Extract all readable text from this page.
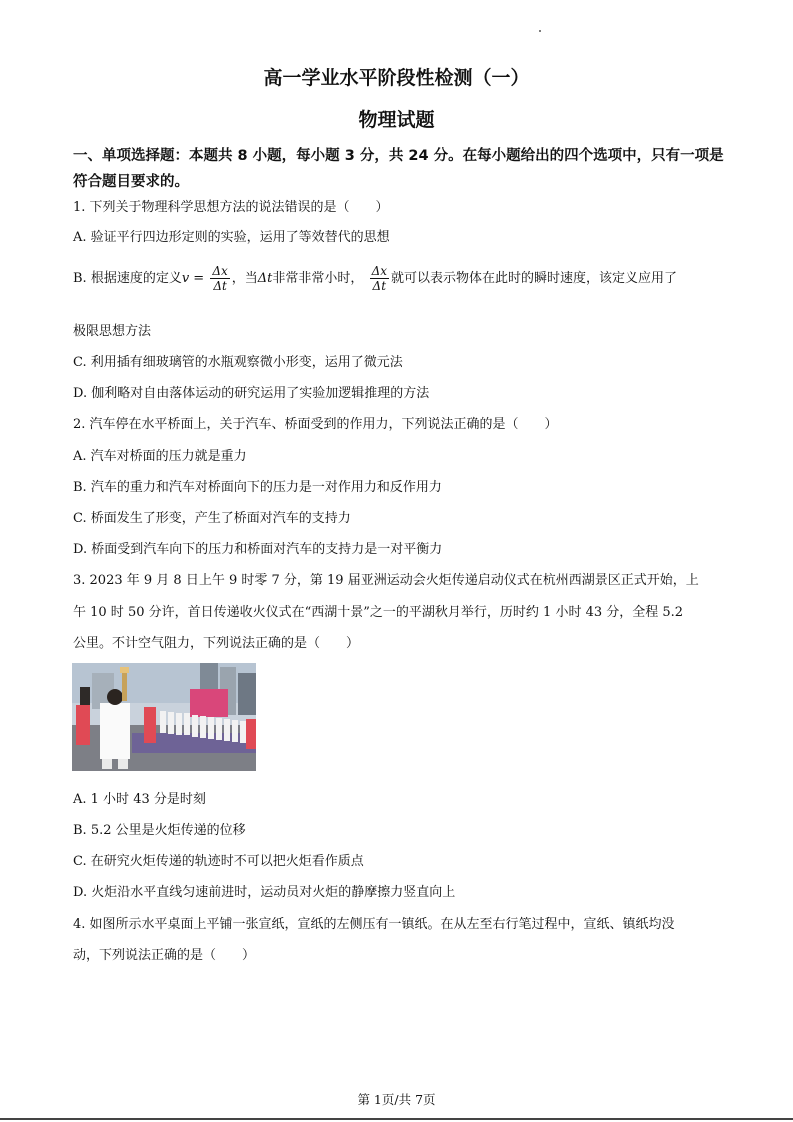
高一学业水平阶段性检测（一）
物理试题
一、单项选择题：本题共 8 小题，每小题 3 分，共 24 分。在每小题给出的四个选项中，只有一项是符合题目要求的。
1. 下列关于物理科学思想方法的说法错误的是（　　）
A. 验证平行四边形定则的实验，运用了等效替代的思想
B. 根据速度的定义$v = \frac{\Delta x}{\Delta t}$ ，当Δt非常非常小时， $\frac{\Delta x}{\Delta t}$ 就可以表示物体在此时的瞬时速度，该定义应用了
极限思想方法
C. 利用插有细玻璃管的水瓶观察微小形变，运用了微元法
D. 伽利略对自由落体运动的研究运用了实验加逻辑推理的方法
2. 汽车停在水平桥面上，关于汽车、桥面受到的作用力，下列说法正确的是（　　）
A. 汽车对桥面的压力就是重力
B. 汽车的重力和汽车对桥面向下的压力是一对作用力和反作用力
C. 桥面发生了形变，产生了桥面对汽车的支持力
D. 桥面受到汽车向下的压力和桥面对汽车的支持力是一对平衡力
3. 2023 年 9 月 8 日上午 9 时零 7 分，第 19 届亚洲运动会火炬传递启动仪式在杭州西湖景区正式开始，上
午 10 时 50 分许，首日传递收火仪式在“西湖十景”之一的平湖秋月举行，历时约 1 小时 43 分，全程 5.2
公里。不计空气阻力，下列说法正确的是（　　）
A. 1 小时 43 分是时刻
B. 5.2 公里是火炬传递的位移
C. 在研究火炬传递的轨迹时不可以把火炬看作质点
D. 火炬沿水平直线匀速前进时，运动员对火炬的静摩擦力竖直向上
4. 如图所示水平桌面上平铺一张宣纸，宣纸的左侧压有一镇纸。在从左至右行笔过程中，宣纸、镇纸均没
动，下列说法正确的是（　　）
第 1页/共 7页
